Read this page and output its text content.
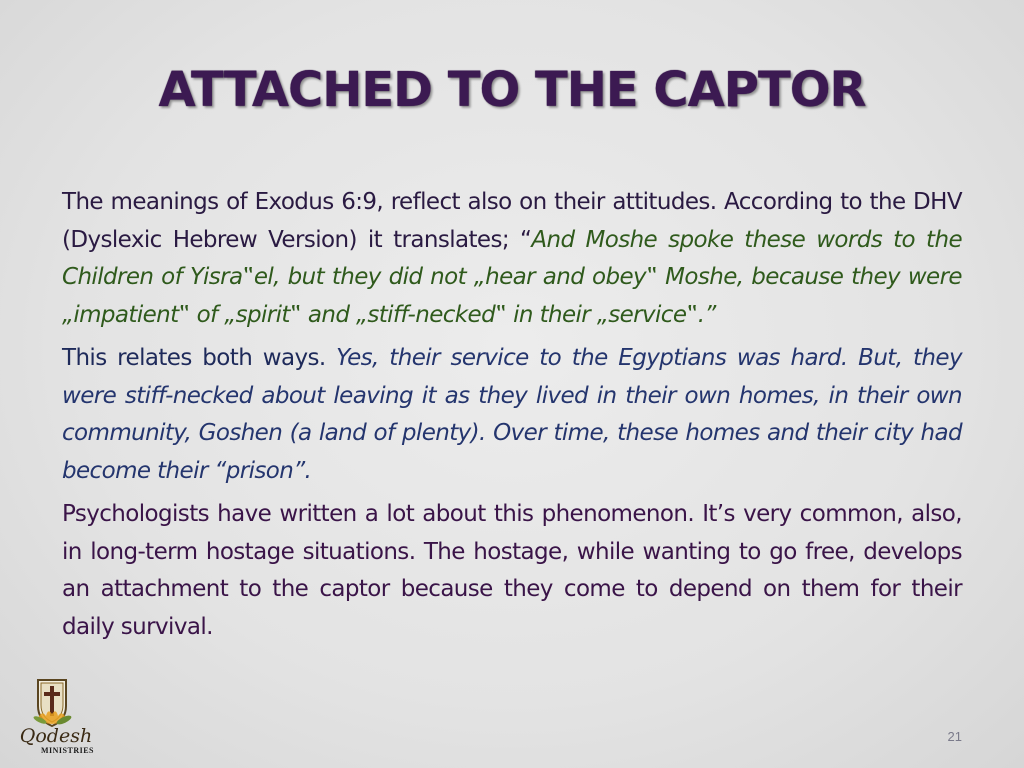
ATTACHED TO THE CAPTOR

The meanings of Exodus 6:9, reflect also on their attitudes. According to the DHV (Dyslexic Hebrew Version) it translates; “And Moshe spoke these words to the Children of Yisra‟el, but they did not „hear and obey‟ Moshe, because they were „impatient‟ of „spirit‟ and „stiff-necked‟ in their „service‟.”

This relates both ways. Yes, their service to the Egyptians was hard. But, they were stiff-necked about leaving it as they lived in their own homes, in their own community, Goshen (a land of plenty). Over time, these homes and their city had become their “prison”.

Psychologists have written a lot about this phenomenon. It’s very common, also, in long-term hostage situations. The hostage, while wanting to go free, develops an attachment to the captor because they come to depend on them for their daily survival.

Qodesh
MINISTRIES
21
